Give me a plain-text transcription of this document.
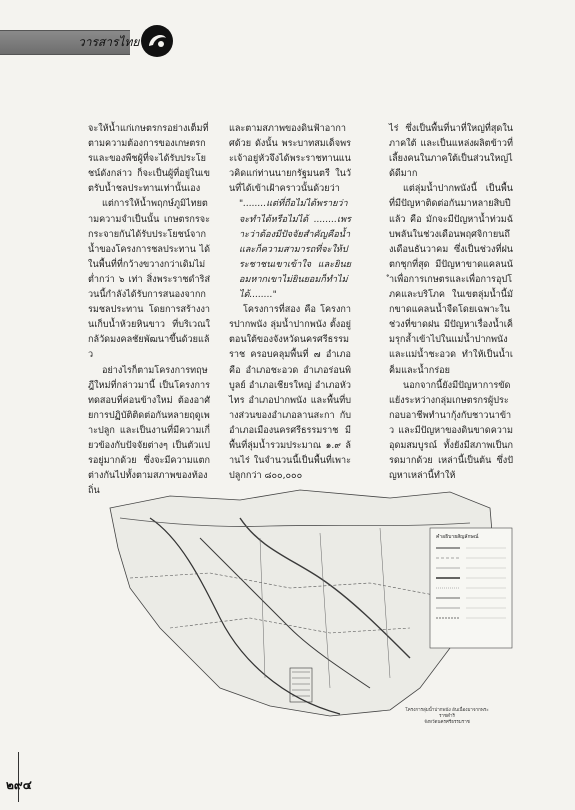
วารสารไทย

จะให้น้ำแก่เกษตรกรอย่างเต็มที่ตามความต้องการของเกษตรกรและของพืชผู้ที่จะได้รับประโยชน์ดังกล่าว ก็จะเป็นผู้ที่อยู่ในเขตรับน้ำชลประทานเท่านั้นเอง

แต่การให้น้ำพฤกษ์ภูมิไทยตามความจำเป็นนั้น เกษตรกรจะกระจายกันได้รับประโยชน์จากน้ำของโครงการชลประทาน ได้ในพื้นที่ที่กว้างขวางกว่าเดิมไม่ต่ำกว่า ๖ เท่า สิ่งพระราชดำริส่วนนี้กำลังได้รับการสนองจากกรมชลประทาน โดยการสร้างงานเก็บน้ำห้วยหินขาว ที่บริเวณใกล้วัดมงคลชัยพัฒนาขึ้นด้วยแล้ว

อย่างไรก็ตามโครงการทฤษฎีใหม่ที่กล่าวมานี้ เป็นโครงการทดสอบที่ค่อนข้างใหม่ ต้องอาศัยการปฏิบัติติดต่อกันหลายฤดูเพาะปลูก และเป็นงานที่มีความเกี่ยวข้องกับปัจจัยต่างๆ เป็นตัวแปรอยู่มากด้วย ซึ่งจะมีความแตกต่างกันไปทั้งตามสภาพของท้องถิ่น

และตามสภาพของดินฟ้าอากาศด้วย ดังนั้น พระบาทสมเด็จพระเจ้าอยู่หัวจึงได้พระราชทานแนวคิดแก่ท่านนายกรัฐมนตรี ในวันที่ได้เข้าเฝ้าคราวนั้นด้วยว่า

"........แต่ที่ถือไม่ได้พรายว่าจะทำได้หรือไม่ได้ ........เพราะว่าต้องมีปัจจัยสำคัญคือน้ำ และก็ความสามารถที่จะให้ประชาชนเขาเข้าใจ และยินยอมหากเขาไม่ยินยอมก็ทำไม่ได้........"

โครงการที่สอง คือ โครงการปากพนัง ลุ่มน้ำปากพนัง ตั้งอยู่ตอนใต้ของจังหวัดนครศรีธรรมราช ครอบคลุมพื้นที่ ๗ อำเภอ คือ อำเภอชะอวด อำเภอร่อนพิบูลย์ อำเภอเชียรใหญ่ อำเภอหัวไทร อำเภอปากพนัง และพื้นที่บางส่วนของอำเภอลานสะกา กับอำเภอเมืองนครศรีธรรมราช มีพื้นที่ลุ่มน้ำรวมประมาณ ๑.๙ ล้านไร่ ในจำนวนนี้เป็นพื้นที่เพาะปลูกกว่า ๘๐๐,๐๐๐

ไร่ ซึ่งเป็นพื้นที่นาที่ใหญ่ที่สุดในภาคใต้ และเป็นแหล่งผลิตข้าวที่เลี้ยงคนในภาคใต้เป็นส่วนใหญ่ได้ดีมาก

แต่ลุ่มน้ำปากพนังนี้ เป็นพื้นที่มีปัญหาติดต่อกันมาหลายสิบปีแล้ว คือ มักจะมีปัญหาน้ำท่วมฉับพลันในช่วงเดือนพฤศจิกายนถึงเดือนธันวาคม ซึ่งเป็นช่วงที่ฝนตกชุกที่สุด มีปัญหาขาดแคลนน้ำเพื่อการเกษตรและเพื่อการอุปโภคและบริโภค ในเขตลุ่มน้ำนี้มักขาดแคลนน้ำจืดโดยเฉพาะในช่วงที่ขาดฝน มีปัญหาเรื่องน้ำเค็มรุกล้ำเข้าไปในแม่น้ำปากพนัง และแม่น้ำชะอวด ทำให้เป็นน้ำเค็มและน้ำกร่อย

นอกจากนี้ยังมีปัญหาการขัดแย้งระหว่างกลุ่มเกษตรกรผู้ประกอบอาชีพทำนากุ้งกับชาวนาข้าว และมีปัญหาของดินขาดความอุดมสมบูรณ์ ทั้งยังมีสภาพเป็นกรดมากด้วย เหล่านี้เป็นต้น ซึ่งปัญหาเหล่านี้ทำให้

คำอธิบายสัญลักษณ์
โครงการลุ่มน้ำปากพนัง อันเนื่องมาจากพระราชดำริ
จังหวัดนครศรีธรรมราช
๒๙๔
